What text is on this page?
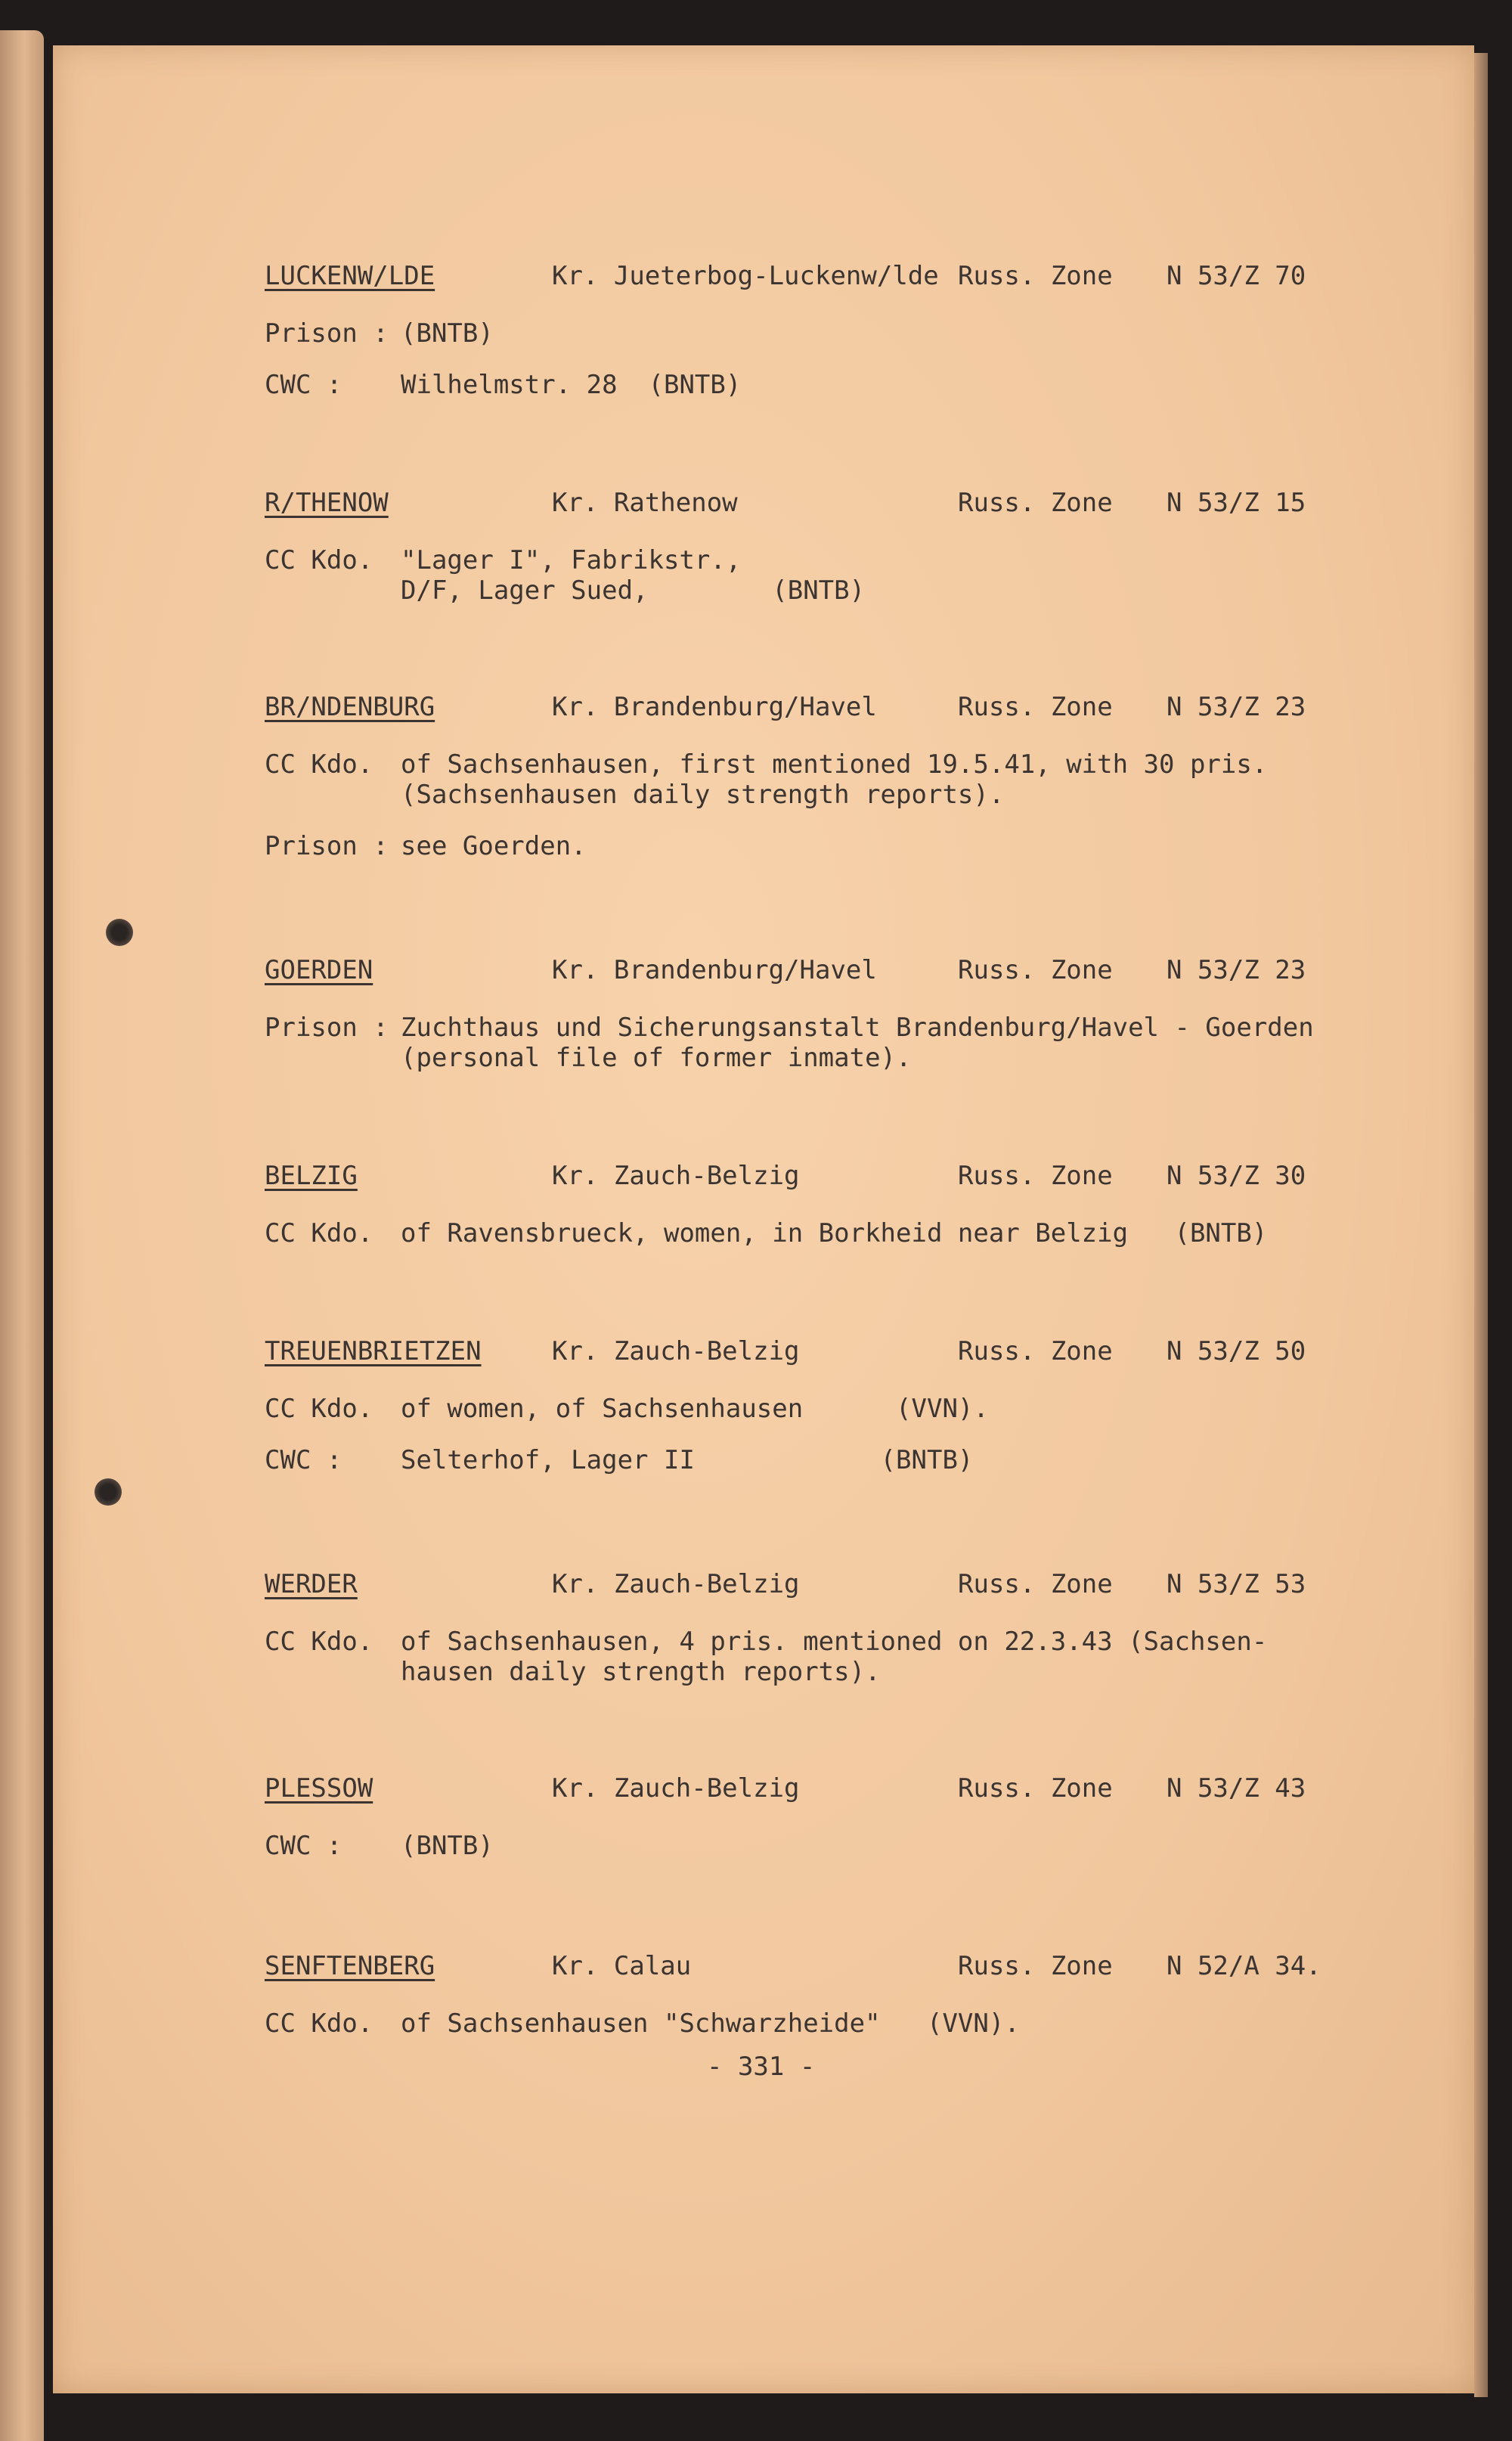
LUCKENW/LDE	Kr. Jueterbog-Luckenw/lde Russ. Zone N 53/Z 70
Prison : (BNTB)
CWC : Wilhelmstr. 28  (BNTB)
R/THENOW	Kr. Rathenow	Russ. Zone N 53/Z 15
CC Kdo. "Lager I", Fabrikstr.,
D/F, Lager Sued,        (BNTB)
BR/NDENBURG	Kr. Brandenburg/Havel	Russ. Zone N 53/Z 23
CC Kdo. of Sachsenhausen, first mentioned 19.5.41, with 30 pris.
(Sachsenhausen daily strength reports).
Prison : see Goerden.
GOERDEN	Kr. Brandenburg/Havel	Russ. Zone N 53/Z 23
Prison : Zuchthaus und Sicherungsanstalt Brandenburg/Havel - Goerden
(personal file of former inmate).
BELZIG	Kr. Zauch-Belzig	Russ. Zone N 53/Z 30
CC Kdo. of Ravensbrueck, women, in Borkheid near Belzig   (BNTB)
TREUENBRIETZEN	Kr. Zauch-Belzig	Russ. Zone N 53/Z 50
CC Kdo. of women, of Sachsenhausen      (VVN).
CWC : Selterhof, Lager II            (BNTB)
WERDER	Kr. Zauch-Belzig	Russ. Zone N 53/Z 53
CC Kdo. of Sachsenhausen, 4 pris. mentioned on 22.3.43 (Sachsen-
hausen daily strength reports).
PLESSOW	Kr. Zauch-Belzig	Russ. Zone N 53/Z 43
CWC : (BNTB)
SENFTENBERG	Kr. Calau	Russ. Zone N 52/A 34.
CC Kdo. of Sachsenhausen "Schwarzheide"   (VVN).
- 331 -
